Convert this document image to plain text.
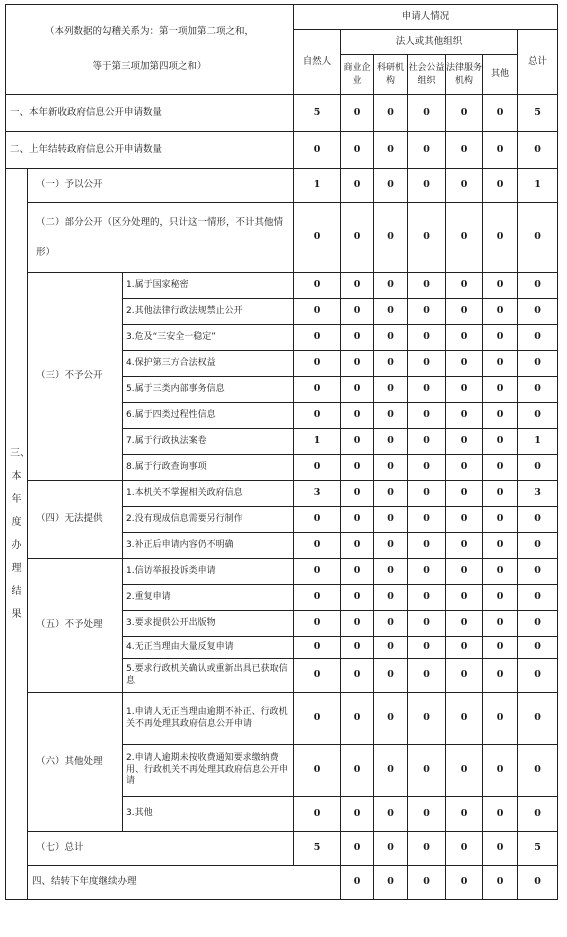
（本列数据的勾稽关系为：第一项加第二项之和，
等于第三项加第四项之和）			申请人情况							
			自然人	法人或其他组织					总计	
				商业企业	科研机构	社会公益组织	法律服务机构	其他		
一、本年新收政府信息公开申请数量			5	0	0	0	0	0	5	
二、上年结转政府信息公开申请数量			0	0	0	0	0	0	0	
三、本年度办理结果	（一）予以公开		1	0	0	0	0	0	1	
	（二）部分公开（区分处理的，只计这一情形，不计其他情形）		0	0	0	0	0	0	0	
	（三）不予公开	1.属于国家秘密	0	0	0	0	0	0	0	
		2.其他法律行政法规禁止公开	0	0	0	0	0	0	0	
		3.危及“三安全一稳定”	0	0	0	0	0	0	0	
		4.保护第三方合法权益	0	0	0	0	0	0	0	
		5.属于三类内部事务信息	0	0	0	0	0	0	0	
		6.属于四类过程性信息	0	0	0	0	0	0	0	
		7.属于行政执法案卷	1	0	0	0	0	0	1	
		8.属于行政查询事项	0	0	0	0	0	0	0	
	（四）无法提供	1.本机关不掌握相关政府信息	3	0	0	0	0	0	3	
		2.没有现成信息需要另行制作	0	0	0	0	0	0	0	
		3.补正后申请内容仍不明确	0	0	0	0	0	0	0	
	（五）不予处理	1.信访举报投诉类申请	0	0	0	0	0	0	0	
		2.重复申请	0	0	0	0	0	0	0	
		3.要求提供公开出版物	0	0	0	0	0	0	0	
		4.无正当理由大量反复申请	0	0	0	0	0	0	0	
		5.要求行政机关确认或重新出具已获取信息	0	0	0	0	0	0	0	
	（六）其他处理	1.申请人无正当理由逾期不补正、行政机关不再处理其政府信息公开申请	0	0	0	0	0	0	0	
		2.申请人逾期未按收费通知要求缴纳费用、行政机关不再处理其政府信息公开申请	0	0	0	0	0	0	0	
		3.其他	0	0	0	0	0	0	0	
	（七）总计		5	0	0	0	0	0	5	
	四、结转下年度继续办理			0	0	0	0	0	0	
